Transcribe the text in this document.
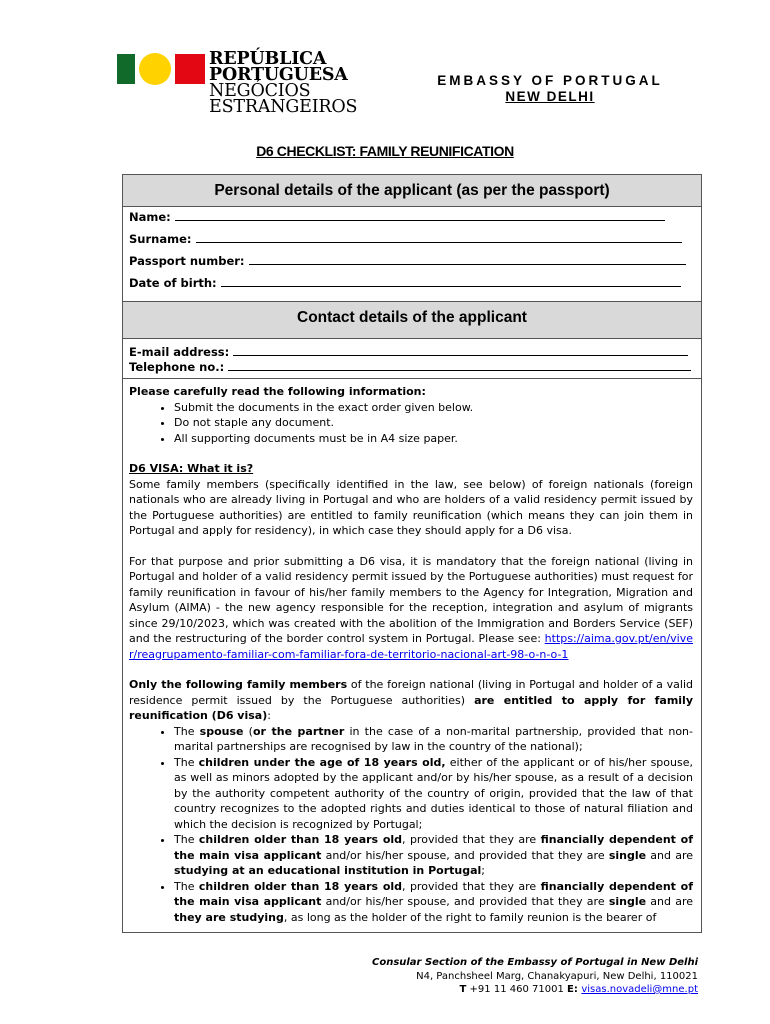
REPÚBLICA
PORTUGUESA
NEGÓCIOS
ESTRANGEIROS
EMBASSY OF PORTUGAL
NEW DELHI
D6 CHECKLIST: FAMILY REUNIFICATION
Personal details of the applicant (as per the passport)
Name:
Surname:
Passport number:
Date of birth:
Contact details of the applicant
E-mail address:
Telephone no.:

Please carefully read the following information:

• Submit the documents in the exact order given below.
• Do not staple any document.
• All supporting documents must be in A4 size paper.

D6 VISA: What it is?

Some family members (specifically identified in the law, see below) of foreign nationals (foreign nationals who are already living in Portugal and who are holders of a valid residency permit issued by the Portuguese authorities) are entitled to family reunification (which means they can join them in Portugal and apply for residency), in which case they should apply for a D6 visa.

For that purpose and prior submitting a D6 visa, it is mandatory that the foreign national (living in Portugal and holder of a valid residency permit issued by the Portuguese authorities) must request for family reunification in favour of his/her family members to the Agency for Integration, Migration and Asylum (AIMA) - the new agency responsible for the reception, integration and asylum of migrants since 29/10/2023, which was created with the abolition of the Immigration and Borders Service (SEF) and the restructuring of the border control system in Portugal. Please see: https://aima.gov.pt/en/viver/reagrupamento-familiar-com-familiar-fora-de-territorio-nacional-art-98-o-n-o-1

Only the following family members of the foreign national (living in Portugal and holder of a valid residence permit issued by the Portuguese authorities) are entitled to apply for family reunification (D6 visa):

• The spouse (or the partner in the case of a non-marital partnership, provided that non-marital partnerships are recognised by law in the country of the national);
• The children under the age of 18 years old, either of the applicant or of his/her spouse, as well as minors adopted by the applicant and/or by his/her spouse, as a result of a decision by the authority competent authority of the country of origin, provided that the law of that country recognizes to the adopted rights and duties identical to those of natural filiation and which the decision is recognized by Portugal;
• The children older than 18 years old, provided that they are financially dependent of the main visa applicant and/or his/her spouse, and provided that they are single and are studying at an educational institution in Portugal;
• The children older than 18 years old, provided that they are financially dependent of the main visa applicant and/or his/her spouse, and provided that they are single and are they are studying, as long as the holder of the right to family reunion is the bearer of
Consular Section of the Embassy of Portugal in New Delhi
N4, Panchsheel Marg, Chanakyapuri, New Delhi, 110021
T +91 11 460 71001 E: visas.novadeli@mne.pt
